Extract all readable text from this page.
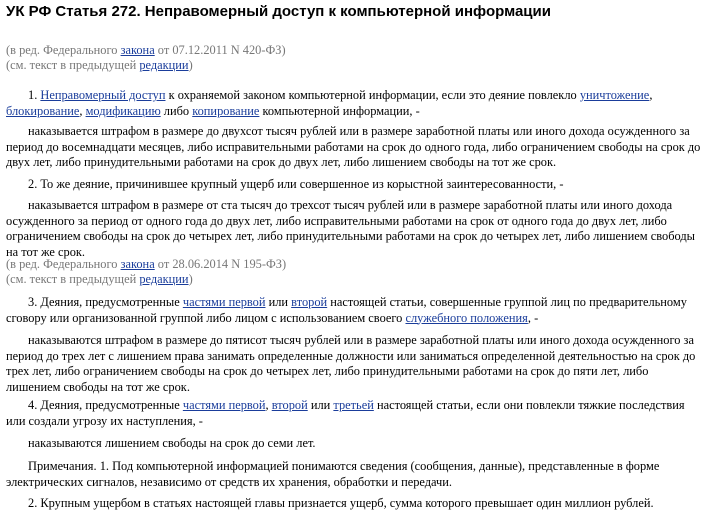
УК РФ Статья 272. Неправомерный доступ к компьютерной информации
(в ред. Федерального закона от 07.12.2011 N 420-ФЗ)
(см. текст в предыдущей редакции)

1. Неправомерный доступ к охраняемой законом компьютерной информации, если это деяние повлекло уничтожение, блокирование, модификацию либо копирование компьютерной информации, -

наказывается штрафом в размере до двухсот тысяч рублей или в размере заработной платы или иного дохода осужденного за период до восемнадцати месяцев, либо исправительными работами на срок до одного года, либо ограничением свободы на срок до двух лет, либо принудительными работами на срок до двух лет, либо лишением свободы на тот же срок.

2. То же деяние, причинившее крупный ущерб или совершенное из корыстной заинтересованности, -

наказывается штрафом в размере от ста тысяч до трехсот тысяч рублей или в размере заработной платы или иного дохода осужденного за период от одного года до двух лет, либо исправительными работами на срок от одного года до двух лет, либо ограничением свободы на срок до четырех лет, либо принудительными работами на срок до четырех лет, либо лишением свободы на тот же срок.

(в ред. Федерального закона от 28.06.2014 N 195-ФЗ)
(см. текст в предыдущей редакции)

3. Деяния, предусмотренные частями первой или второй настоящей статьи, совершенные группой лиц по предварительному сговору или организованной группой либо лицом с использованием своего служебного положения, -

наказываются штрафом в размере до пятисот тысяч рублей или в размере заработной платы или иного дохода осужденного за период до трех лет с лишением права занимать определенные должности или заниматься определенной деятельностью на срок до трех лет, либо ограничением свободы на срок до четырех лет, либо принудительными работами на срок до пяти лет, либо лишением свободы на тот же срок.

4. Деяния, предусмотренные частями первой, второй или третьей настоящей статьи, если они повлекли тяжкие последствия или создали угрозу их наступления, -

наказываются лишением свободы на срок до семи лет.

Примечания. 1. Под компьютерной информацией понимаются сведения (сообщения, данные), представленные в форме электрических сигналов, независимо от средств их хранения, обработки и передачи.

2. Крупным ущербом в статьях настоящей главы признается ущерб, сумма которого превышает один миллион рублей.
